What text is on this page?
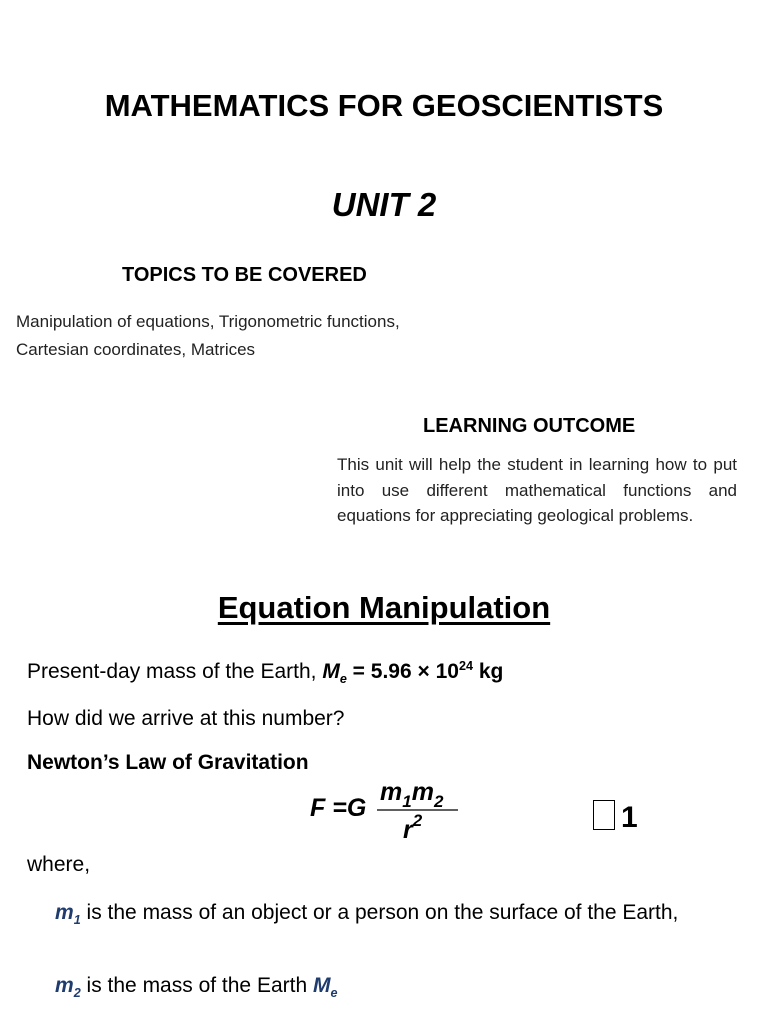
MATHEMATICS FOR GEOSCIENTISTS
UNIT 2
TOPICS TO BE COVERED
Manipulation of equations, Trigonometric functions,
Cartesian coordinates, Matrices
LEARNING OUTCOME
This unit will help the student in learning how to put into use different mathematical functions and equations for appreciating geological problems.
Equation Manipulation
Present-day mass of the Earth, $M_e = 5.96 \times 10^{24}$ kg
How did we arrive at this number?
Newton’s Law of Gravitation
F =G
$m_1m_2$
$r^2$	1
where,
$m_1$ is the mass of an object or a person on the surface of the Earth,
$m_2$ is the mass of the Earth $M_e$
